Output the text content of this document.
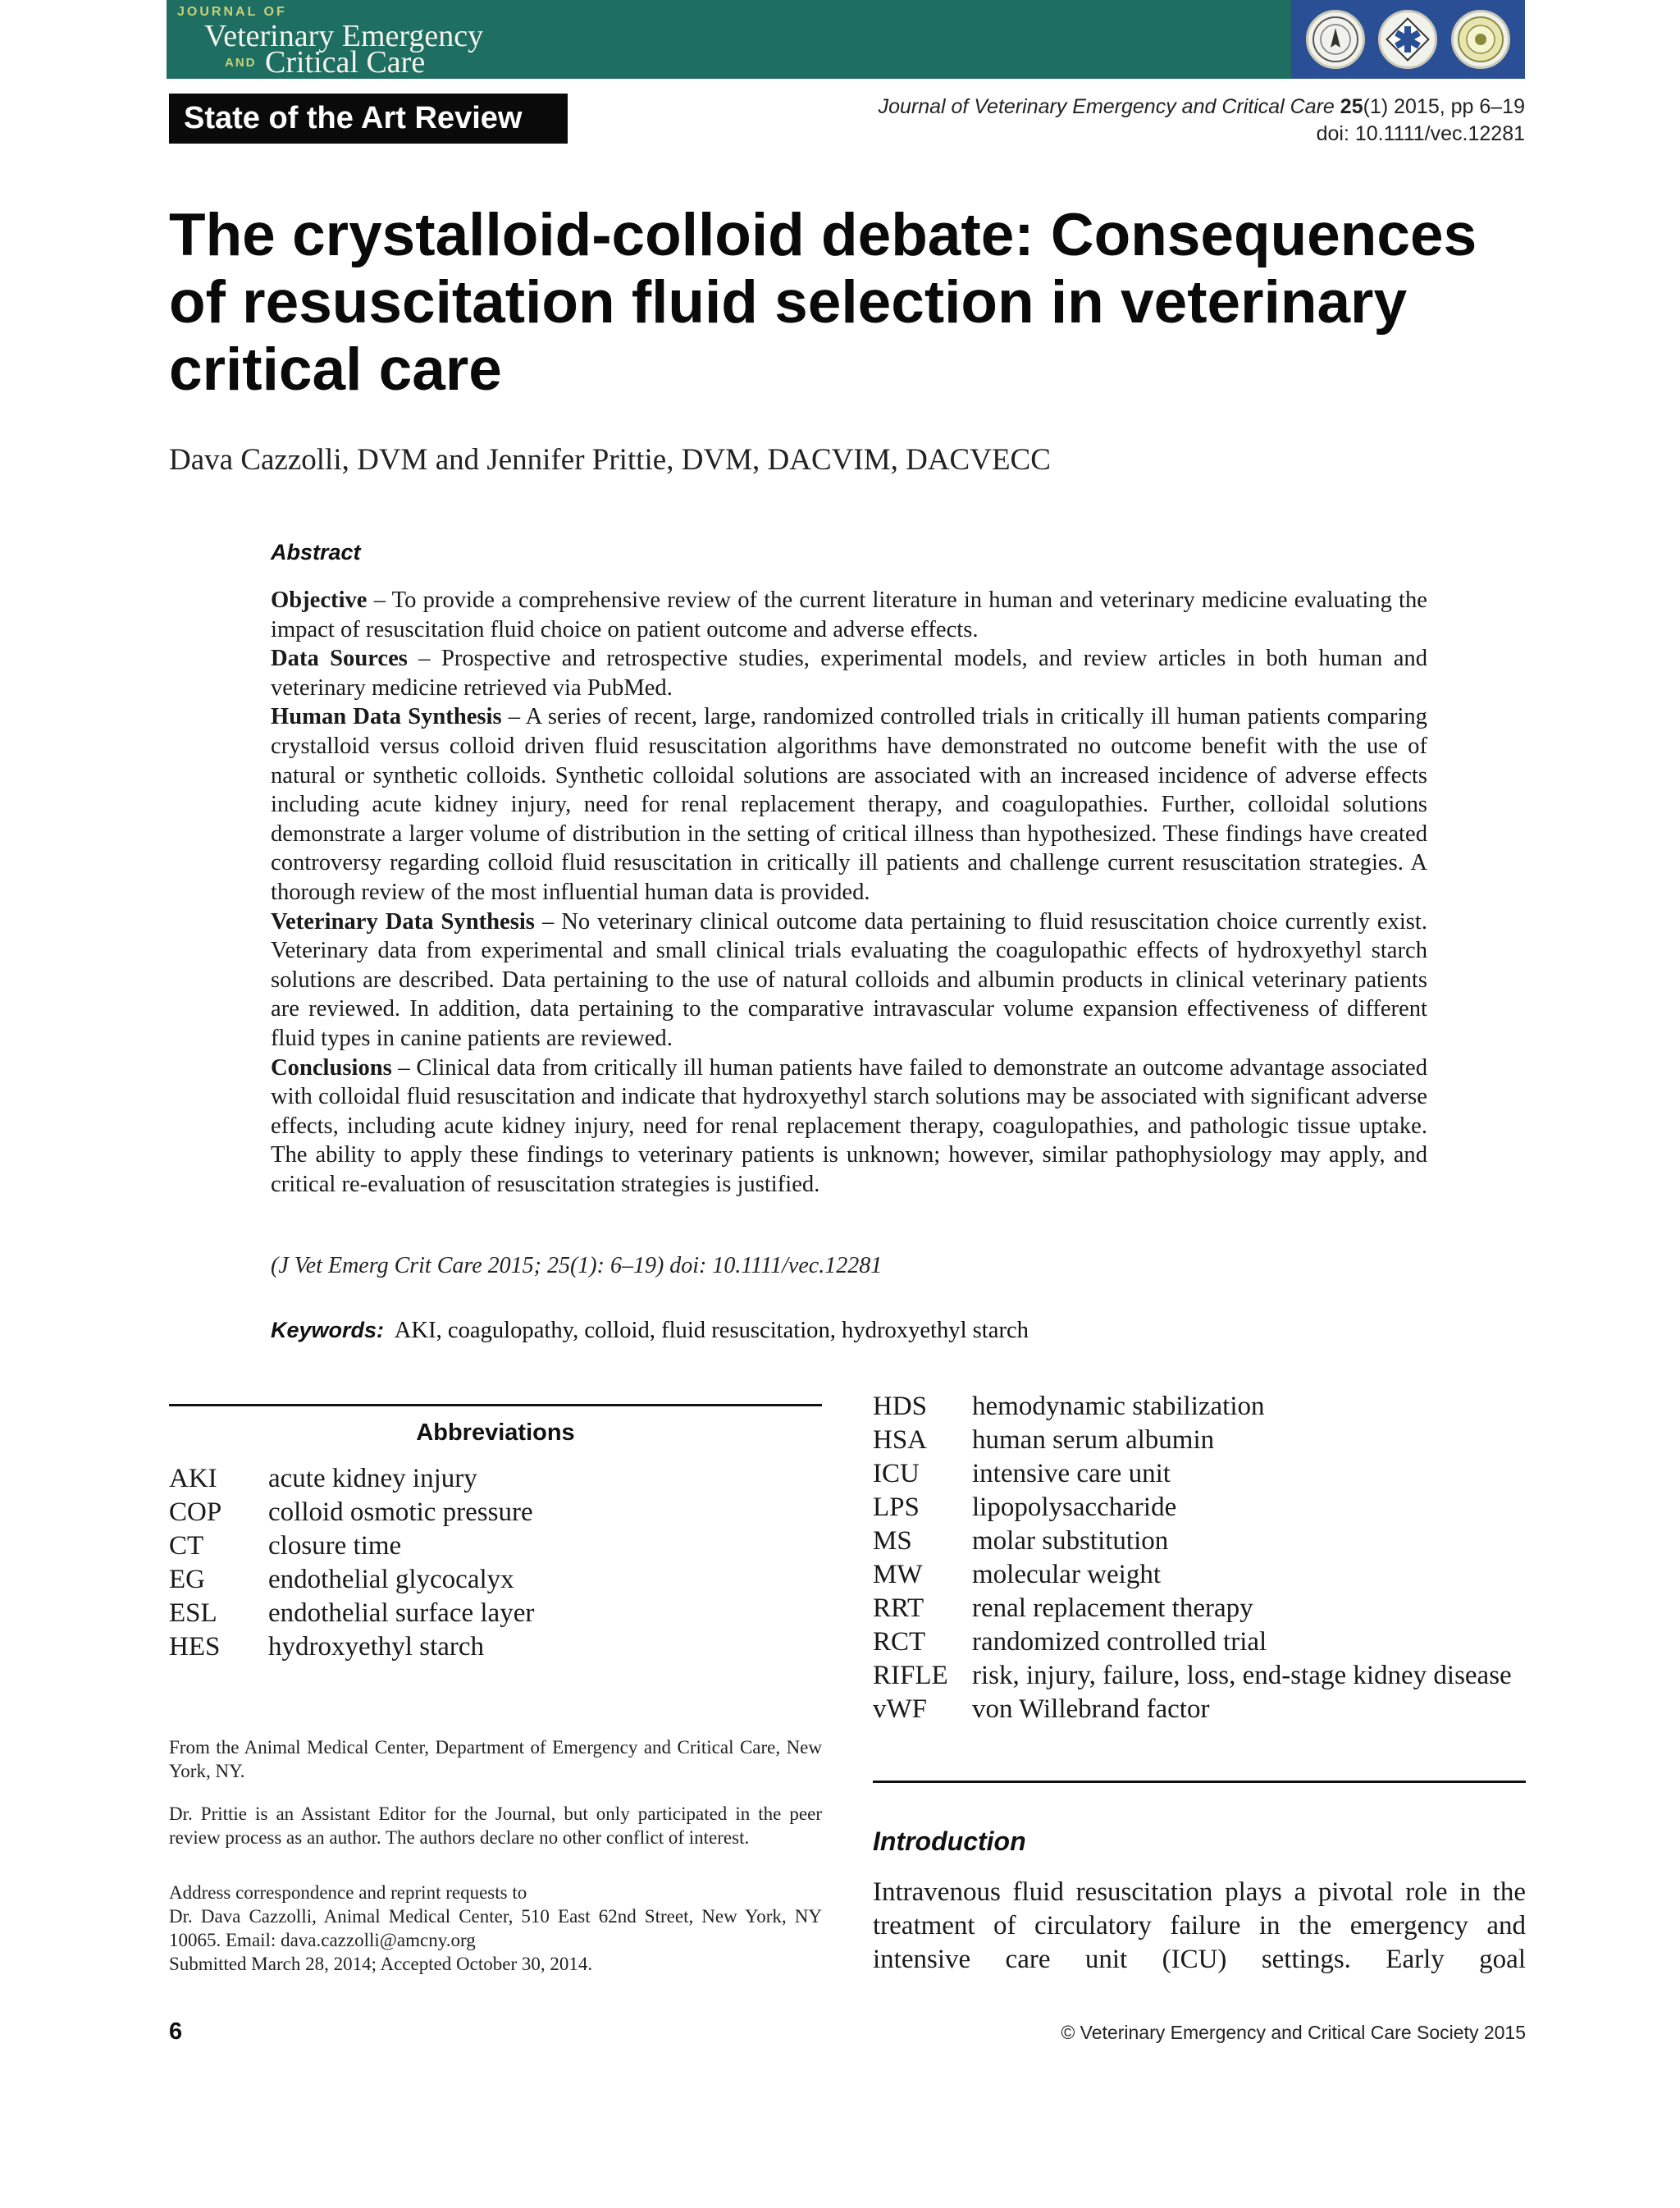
JOURNAL OF
Veterinary Emergency
AND Critical Care
State of the Art Review	Journal of Veterinary Emergency and Critical Care 25(1) 2015, pp 6–19
doi: 10.1111/vec.12281
The crystalloid-colloid debate: Consequences of resuscitation fluid selection in veterinary critical care
Dava Cazzolli, DVM and Jennifer Prittie, DVM, DACVIM, DACVECC
Abstract
Objective – To provide a comprehensive review of the current literature in human and veterinary medicine evaluating the impact of resuscitation fluid choice on patient outcome and adverse effects.
Data Sources – Prospective and retrospective studies, experimental models, and review articles in both human and veterinary medicine retrieved via PubMed.
Human Data Synthesis – A series of recent, large, randomized controlled trials in critically ill human patients comparing crystalloid versus colloid driven fluid resuscitation algorithms have demonstrated no outcome benefit with the use of natural or synthetic colloids. Synthetic colloidal solutions are associated with an increased incidence of adverse effects including acute kidney injury, need for renal replacement therapy, and coagulopathies. Further, colloidal solutions demonstrate a larger volume of distribution in the setting of critical illness than hypothesized. These findings have created controversy regarding colloid fluid resuscitation in critically ill patients and challenge current resuscitation strategies. A thorough review of the most influential human data is provided.
Veterinary Data Synthesis – No veterinary clinical outcome data pertaining to fluid resuscitation choice currently exist. Veterinary data from experimental and small clinical trials evaluating the coagulopathic effects of hydroxyethyl starch solutions are described. Data pertaining to the use of natural colloids and albumin products in clinical veterinary patients are reviewed. In addition, data pertaining to the comparative intravascular volume expansion effectiveness of different fluid types in canine patients are reviewed.
Conclusions – Clinical data from critically ill human patients have failed to demonstrate an outcome advantage associated with colloidal fluid resuscitation and indicate that hydroxyethyl starch solutions may be associated with significant adverse effects, including acute kidney injury, need for renal replacement therapy, coagulopathies, and pathologic tissue uptake. The ability to apply these findings to veterinary patients is unknown; however, similar pathophysiology may apply, and critical re-evaluation of resuscitation strategies is justified.
(J Vet Emerg Crit Care 2015; 25(1): 6–19) doi: 10.1111/vec.12281
Keywords: AKI, coagulopathy, colloid, fluid resuscitation, hydroxyethyl starch
Abbreviations
AKI	acute kidney injury
COP	colloid osmotic pressure
CT	closure time
EG	endothelial glycocalyx
ESL	endothelial surface layer
HES	hydroxyethyl starch
HDS	hemodynamic stabilization
HSA	human serum albumin
ICU	intensive care unit
LPS	lipopolysaccharide
MS	molar substitution
MW	molecular weight
RRT	renal replacement therapy
RCT	randomized controlled trial
RIFLE risk, injury, failure, loss, end-stage kidney disease
vWF	von Willebrand factor
From the Animal Medical Center, Department of Emergency and Critical Care, New York, NY.
Dr. Prittie is an Assistant Editor for the Journal, but only participated in the peer review process as an author. The authors declare no other conflict of interest.
Address correspondence and reprint requests to
Dr. Dava Cazzolli, Animal Medical Center, 510 East 62nd Street, New York, NY 10065. Email: dava.cazzolli@amcny.org
Submitted March 28, 2014; Accepted October 30, 2014.
Introduction

Intravenous fluid resuscitation plays a pivotal role in the treatment of circulatory failure in the emergency and intensive care unit (ICU) settings. Early goal

6	© Veterinary Emergency and Critical Care Society 2015
